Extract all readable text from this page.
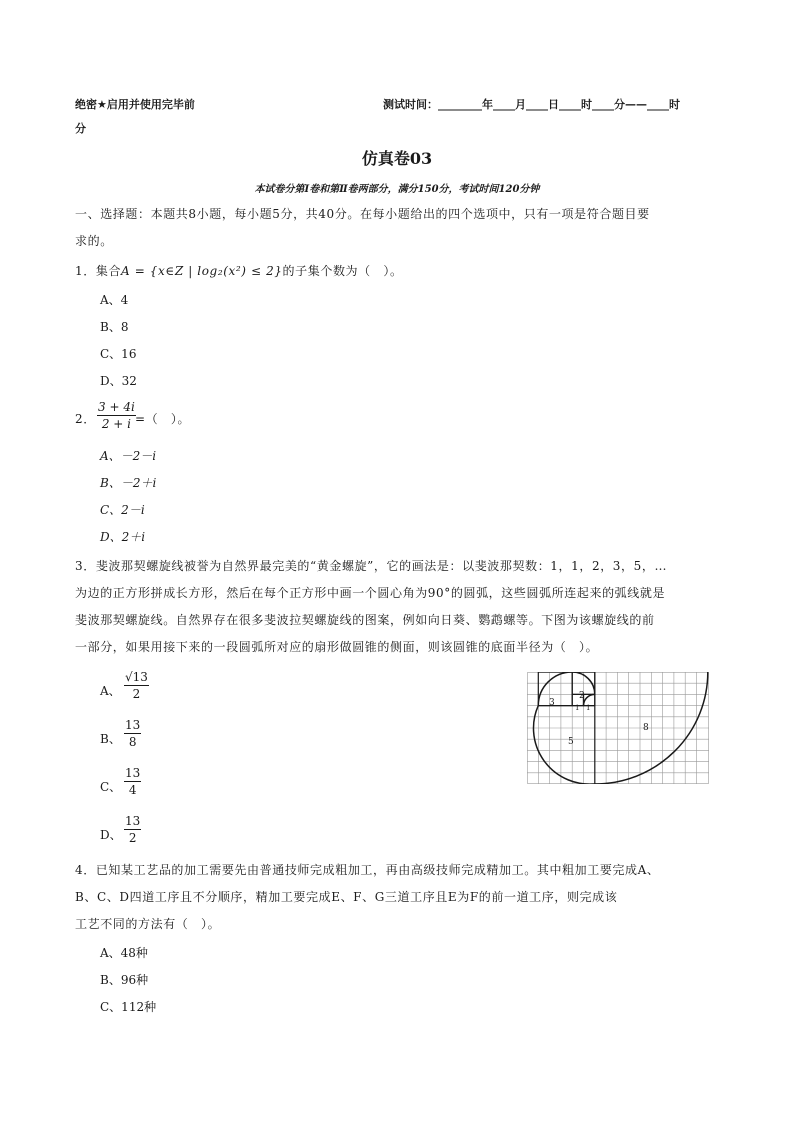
绝密★启用并使用完毕前
分
测试时间：________年____月____日____时____分——____时
仿真卷03
本试卷分第Ⅰ卷和第Ⅱ卷两部分，满分150分，考试时间120分钟
一、选择题：本题共8小题，每小题5分，共40分。在每小题给出的四个选项中，只有一项是符合题目要
求的。
1．集合A = {x∈Z | log₂(x²) ≤ 2}的子集个数为（　）。
A、4
B、8
C、16
D、32
2． $\frac{3 + 4i}{2 + i}$ =（　）。
A、－2－i
B、－2＋i
C、2－i
D、2＋i
3．斐波那契螺旋线被誉为自然界最完美的“黄金螺旋”，它的画法是：以斐波那契数：1，1，2，3，5，…
为边的正方形拼成长方形，然后在每个正方形中画一个圆心角为90°的圆弧，这些圆弧所连起来的弧线就是
斐波那契螺旋线。自然界存在很多斐波拉契螺旋线的图案，例如向日葵、鹦鹉螺等。下图为该螺旋线的前
一部分，如果用接下来的一段圆弧所对应的扇形做圆锥的侧面，则该圆锥的底面半径为（　）。
A、 $\frac{√13}{2}$
B、 $\frac{13}{8}$
C、 $\frac{13}{4}$
D、 $\frac{13}{2}$
3
2
1 1
5
8
4．已知某工艺品的加工需要先由普通技师完成粗加工，再由高级技师完成精加工。其中粗加工要完成A、
B、C、D四道工序且不分顺序，精加工要完成E、F、G三道工序且E为F的前一道工序，则完成该
工艺不同的方法有（　）。
A、48种
B、96种
C、112种
